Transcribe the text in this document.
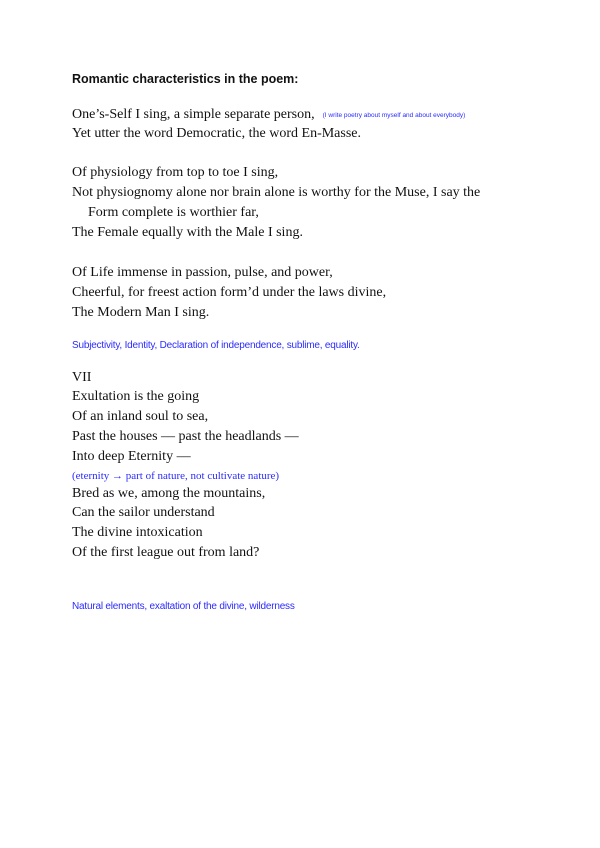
Romantic characteristics in the poem:
One’s-Self I sing, a simple separate person, (I write poetry about myself and about everybody)
Yet utter the word Democratic, the word En-Masse.
Of physiology from top to toe I sing,
Not physiognomy alone nor brain alone is worthy for the Muse, I say the
Form complete is worthier far,
The Female equally with the Male I sing.
Of Life immense in passion, pulse, and power,
Cheerful, for freest action form’d under the laws divine,
The Modern Man I sing.
Subjectivity, Identity, Declaration of independence, sublime, equality.
VII
Exultation is the going
Of an inland soul to sea,
Past the houses — past the headlands —
Into deep Eternity —
(eternity → part of nature, not cultivate nature)
Bred as we, among the mountains,
Can the sailor understand
The divine intoxication
Of the first league out from land?
Natural elements, exaltation of the divine, wilderness
